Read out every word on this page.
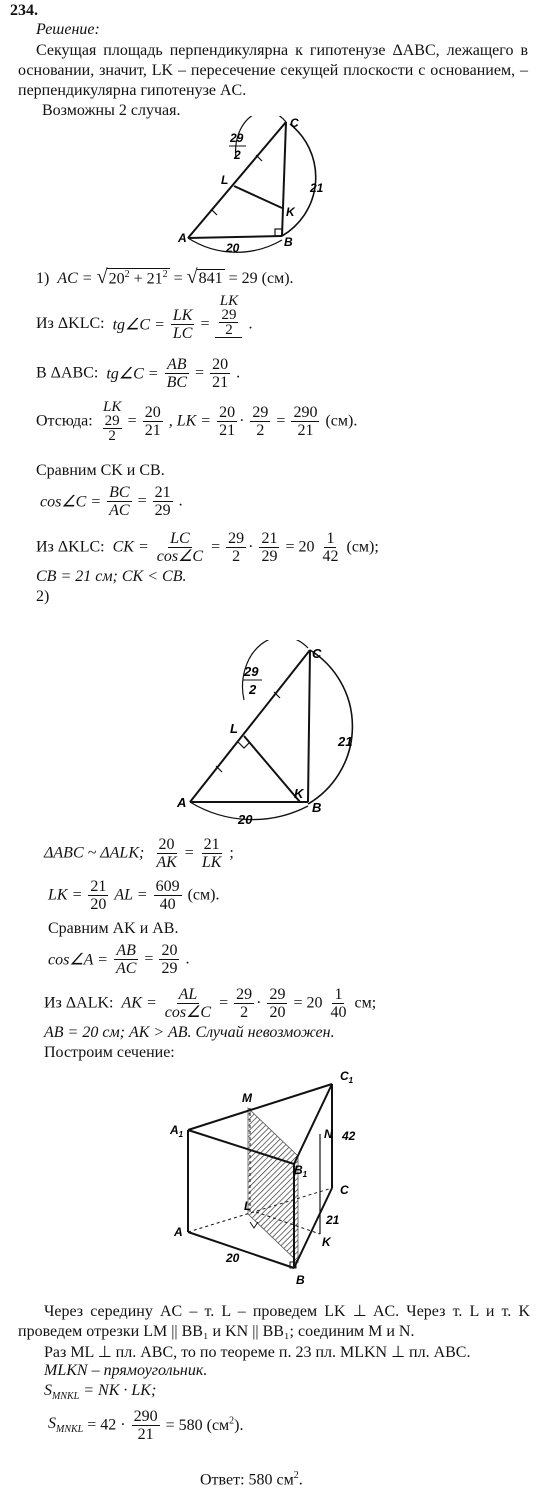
234.
Решение:
Секущая площадь перпендикулярна к гипотенузе ΔABC, лежащего в основании, значит, LK – пересечение секущей плоскости с основанием, – перпендикулярна гипотенузе AC.
Возможны 2 случая.
29
2
21
20
A	B
C
L
K
1) AC = $√20^2 + 21^2 = √841 = 29$ (см).
Из ΔKLC: tg∠C = $\frac{LK}{LC}$ =
LK
29
2
.
В ΔABC: tg∠C = $\frac{AB}{BC} = \frac{20}{21}$ .
Отсюда:
LK
29
2
= $\frac{20}{21}$ , LK = $\frac{20}{21} \cdot \frac{29}{2} = \frac{290}{21} (см)$.
Сравним CK и CB.
cos∠C = $\frac{BC}{AC} = \frac{21}{29}$ .
Из ΔKLC: CK = $\frac{LC}{\cos\angle C} = \frac{29}{2} \cdot \frac{21}{29} = 20 \frac{1}{42} (см)$;
CB = 21 см; CK < CB.
2)
29
2
21
20
A	B
C
L
K
ΔABC ~ ΔALK; $\frac{20}{AK} = \frac{21}{LK}$ ;
LK = $\frac{21}{20}$ AL = $\frac{609}{40} (см)$.
Сравним AK и AB.
cos∠A = $\frac{AB}{AC} = \frac{20}{29}$ .
Из ΔALK: AK = $\frac{AL}{\cos\angle C} = \frac{29}{2} \cdot \frac{29}{20} = 20 \frac{1}{40}$ см;
AB = 20 см; AK > AB. Случай невозможен.
Построим сечение:
$A_1$
$C_1$
$B_1$
A
B
C
M
N
L
K
42
21
20
Через середину AC – т. L – проведем LK ⊥ AC. Через т. L и т. K проведем отрезки LM || BB₁ и KN || BB₁; соединим M и N.
Раз ML ⊥ пл. ABC, то по теореме п. 23 пл. MLKN ⊥ пл. ABC.
MLKN – прямоугольник.
$S_{MNKL}$ = NK · LK;
$S_{MNKL} = 42 \cdot \frac{290}{21} = 580$ $(см^2)$.
Ответ: 580 $см^2$.
